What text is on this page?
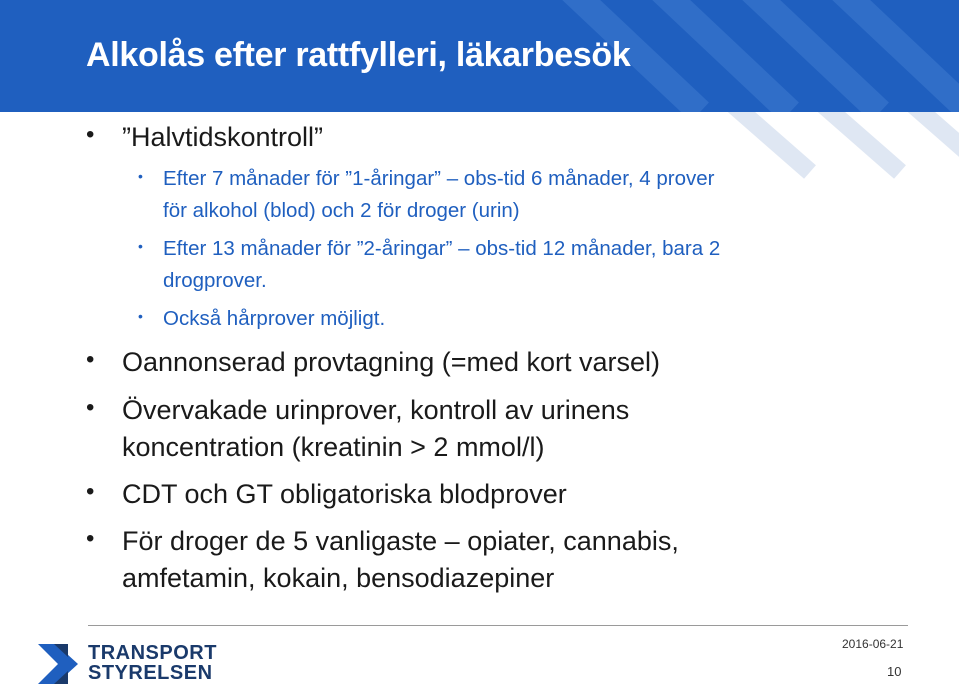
Alkolås efter rattfylleri, läkarbesök
• ”Halvtidskontroll”
• Efter 7 månader för ”1-åringar” – obs-tid 6 månader, 4 prover
för alkohol (blod) och 2 för droger (urin)
• Efter 13 månader för ”2-åringar” – obs-tid 12 månader, bara 2
drogprover.
• Också hårprover möjligt.
• Oannonserad provtagning (=med kort varsel)
• Övervakade urinprover, kontroll av urinens
koncentration (kreatinin > 2 mmol/l)
• CDT och GT obligatoriska blodprover
• För droger de 5 vanligaste – opiater, cannabis,
amfetamin, kokain, bensodiazepiner
TRANSPORT
STYRELSEN
2016-06-21
10
